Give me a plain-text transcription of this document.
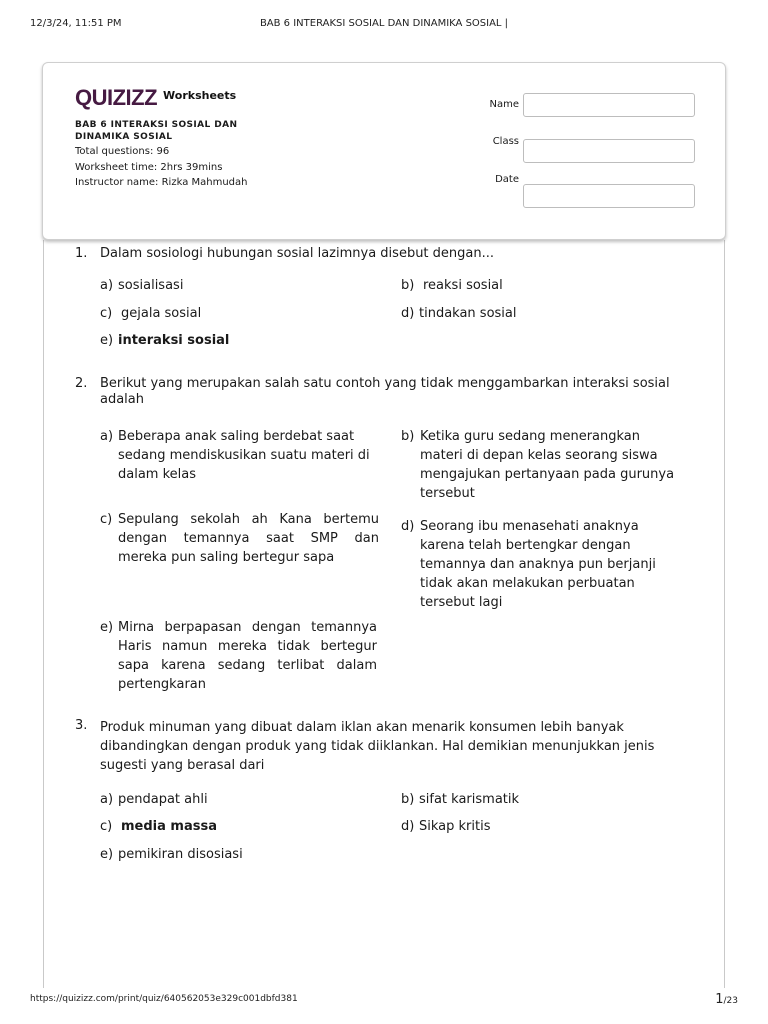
12/3/24, 11:51 PM	BAB 6 INTERAKSI SOSIAL DAN DINAMIKA SOSIAL |
QUIZIZZ $^{Worksheets}$
BAB 6 INTERAKSI SOSIAL DAN DINAMIKA SOSIAL
Total questions: 96
Worksheet time: 2hrs 39mins
Instructor name: Rizka Mahmudah
Name
Class
Date
1. Dalam sosiologi hubungan sosial lazimnya disebut dengan...
a) sosialisasi	b) reaksi sosial
c) gejala sosial	d) tindakan sosial
e) interaksi sosial
2. Berikut yang merupakan salah satu contoh yang tidak menggambarkan interaksi sosial adalah
a) Beberapa anak saling berdebat saat sedang mendiskusikan suatu materi di dalam kelas
b) Ketika guru sedang menerangkan materi di depan kelas seorang siswa mengajukan pertanyaan pada gurunya tersebut
c) Sepulang sekolah ah Kana bertemu dengan temannya saat SMP dan mereka pun saling bertegur sapa
d) Seorang ibu menasehati anaknya karena telah bertengkar dengan temannya dan anaknya pun berjanji tidak akan melakukan perbuatan tersebut lagi
e) Mirna berpapasan dengan temannya Haris namun mereka tidak bertegur sapa karena sedang terlibat dalam pertengkaran
3. Produk minuman yang dibuat dalam iklan akan menarik konsumen lebih banyak dibandingkan dengan produk yang tidak diiklankan. Hal demikian menunjukkan jenis sugesti yang berasal dari
a) pendapat ahli	b) sifat karismatik
c) media massa	d) Sikap kritis
e) pemikiran disosiasi
https://quizizz.com/print/quiz/640562053e329c001dbfd381	1/23
